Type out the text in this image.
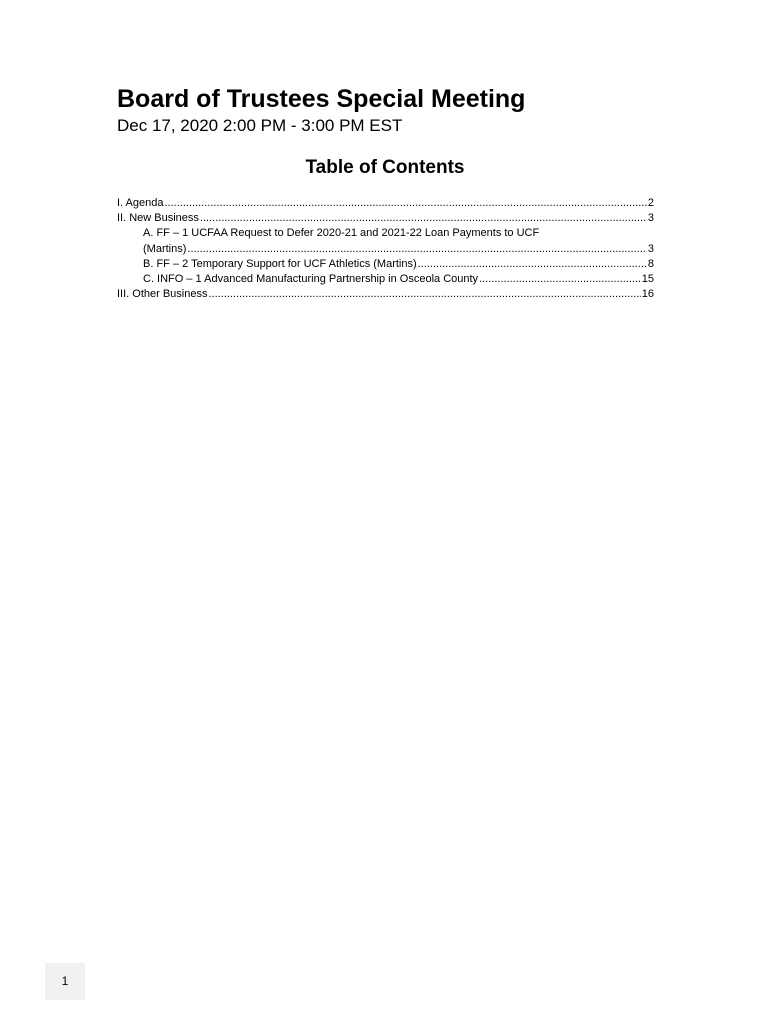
Board of Trustees Special Meeting
Dec 17, 2020 2:00 PM - 3:00 PM EST
Table of Contents
I. Agenda .....	2
II. New Business .....	3
A. FF – 1 UCFAA Request to Defer 2020-21 and 2021-22 Loan Payments to UCF
(Martins) .....	3
B. FF – 2 Temporary Support for UCF Athletics (Martins) .....	8
C. INFO – 1 Advanced Manufacturing Partnership in Osceola County .....	15
III. Other Business .....	16
1
